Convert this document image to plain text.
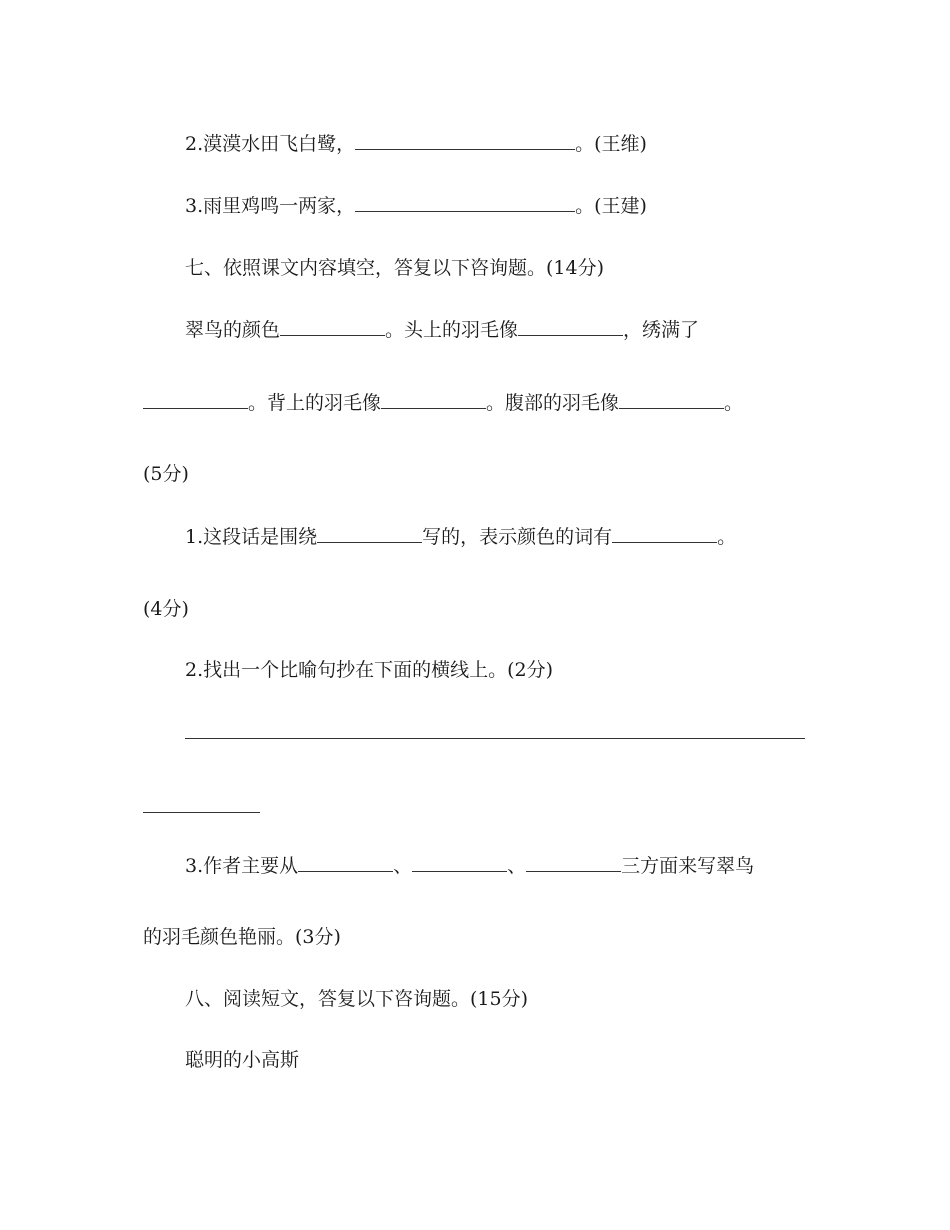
2.漠漠水田飞白鹭，	。(王维)
3.雨里鸡鸣一两家，	。(王建)
七、依照课文内容填空，答复以下咨询题。(14分)
翠鸟的颜色	。头上的羽毛像	，绣满了
。背上的羽毛像	。腹部的羽毛像	。
(5分)
1.这段话是围绕	写的，表示颜色的词有	。
(4分)
2.找出一个比喻句抄在下面的横线上。(2分)
3.作者主要从	、	、	三方面来写翠鸟
的羽毛颜色艳丽。(3分)
八、阅读短文，答复以下咨询题。(15分)
聪明的小高斯
